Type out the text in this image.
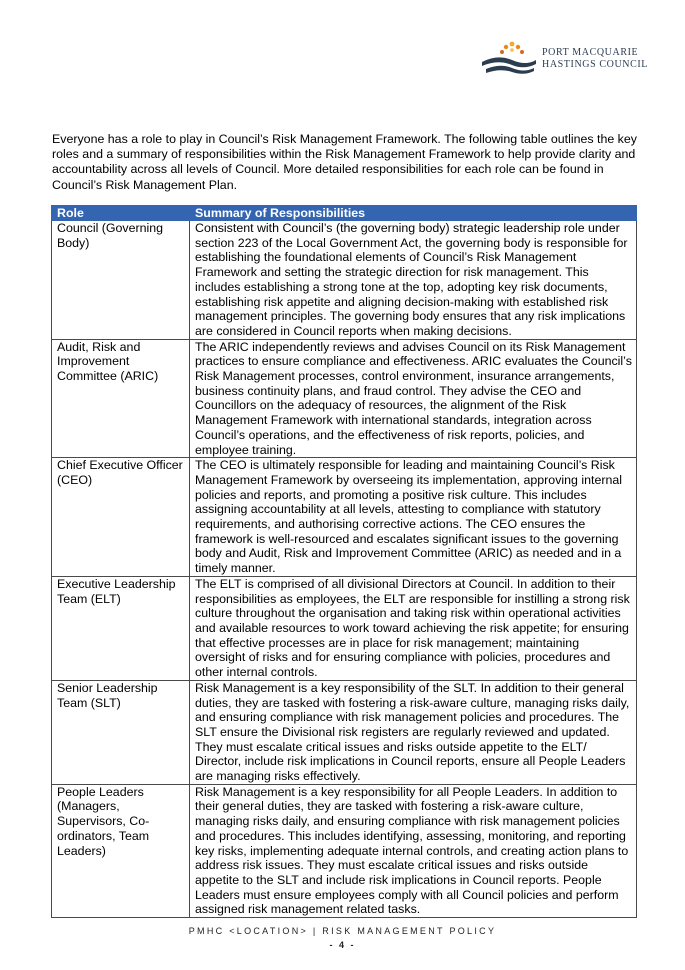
PORT MACQUARIE
HASTINGS COUNCIL

Everyone has a role to play in Council’s Risk Management Framework. The following table outlines the key roles and a summary of responsibilities within the Risk Management Framework to help provide clarity and accountability across all levels of Council. More detailed responsibilities for each role can be found in Council’s Risk Management Plan.

Role	Summary of Responsibilities
Council (Governing Body)	Consistent with Council’s (the governing body) strategic leadership role under section 223 of the Local Government Act, the governing body is responsible for establishing the foundational elements of Council’s Risk Management Framework and setting the strategic direction for risk management. This includes establishing a strong tone at the top, adopting key risk documents, establishing risk appetite and aligning decision-making with established risk management principles. The governing body ensures that any risk implications are considered in Council reports when making decisions.
Audit, Risk and Improvement Committee (ARIC)	The ARIC independently reviews and advises Council on its Risk Management practices to ensure compliance and effectiveness. ARIC evaluates the Council’s Risk Management processes, control environment, insurance arrangements, business continuity plans, and fraud control. They advise the CEO and Councillors on the adequacy of resources, the alignment of the Risk Management Framework with international standards, integration across Council’s operations, and the effectiveness of risk reports, policies, and employee training.
Chief Executive Officer (CEO)	The CEO is ultimately responsible for leading and maintaining Council’s Risk Management Framework by overseeing its implementation, approving internal policies and reports, and promoting a positive risk culture. This includes assigning accountability at all levels, attesting to compliance with statutory requirements, and authorising corrective actions. The CEO ensures the framework is well-resourced and escalates significant issues to the governing body and Audit, Risk and Improvement Committee (ARIC) as needed and in a timely manner.
Executive Leadership Team (ELT)	The ELT is comprised of all divisional Directors at Council. In addition to their responsibilities as employees, the ELT are responsible for instilling a strong risk culture throughout the organisation and taking risk within operational activities and available resources to work toward achieving the risk appetite; for ensuring that effective processes are in place for risk management; maintaining oversight of risks and for ensuring compliance with policies, procedures and other internal controls.
Senior Leadership Team (SLT)	Risk Management is a key responsibility of the SLT. In addition to their general duties, they are tasked with fostering a risk-aware culture, managing risks daily, and ensuring compliance with risk management policies and procedures. The SLT ensure the Divisional risk registers are regularly reviewed and updated. They must escalate critical issues and risks outside appetite to the ELT/ Director, include risk implications in Council reports, ensure all People Leaders are managing risks effectively.
People Leaders (Managers, Supervisors, Co-ordinators, Team Leaders)	Risk Management is a key responsibility for all People Leaders. In addition to their general duties, they are tasked with fostering a risk-aware culture, managing risks daily, and ensuring compliance with risk management policies and procedures. This includes identifying, assessing, monitoring, and reporting key risks, implementing adequate internal controls, and creating action plans to address risk issues. They must escalate critical issues and risks outside appetite to the SLT and include risk implications in Council reports. People Leaders must ensure employees comply with all Council policies and perform assigned risk management related tasks.
PMHC <LOCATION> | RISK MANAGEMENT POLICY
- 4 -
